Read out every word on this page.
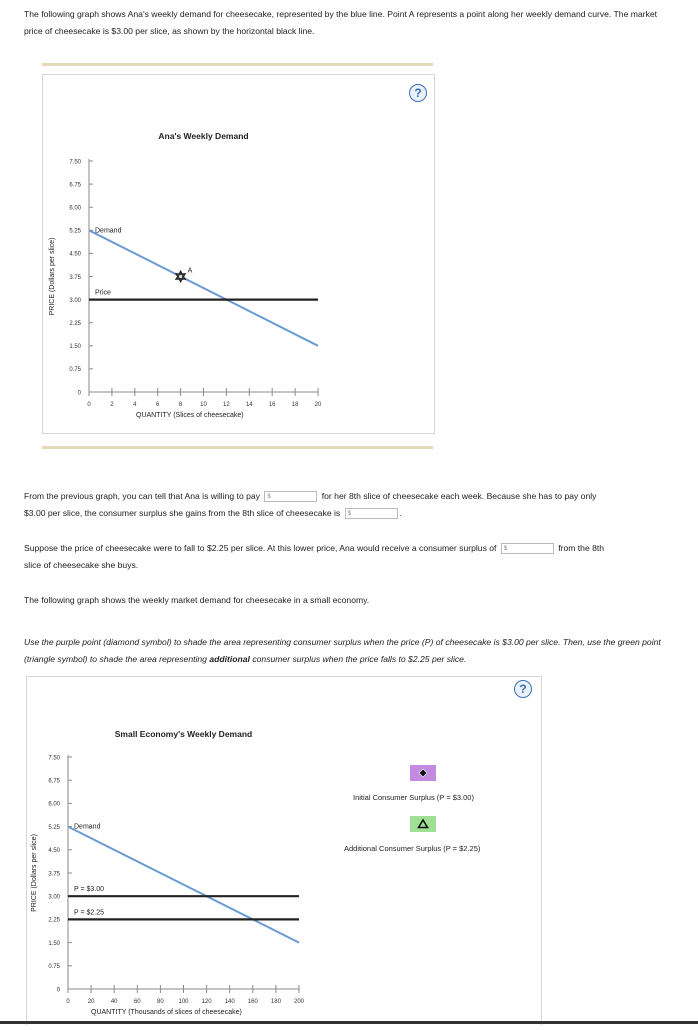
The following graph shows Ana's weekly demand for cheesecake, represented by the blue line. Point A represents a point along her weekly demand curve. The market price of cheesecake is $3.00 per slice, as shown by the horizontal black line.
?
Ana's Weekly Demand
0
0.75
1.50
2.25
3.00
3.75
4.50
5.25
6.00
6.75
7.50
0	2	4	6	8	10	12	14	16	18	20
QUANTITY (Slices of cheesecake)
PRICE (Dollars per slice)
Demand
Price
A
From the previous graph, you can tell that Ana is willing to pay $	for her 8th slice of cheesecake each week. Because she has to pay only
$3.00 per slice, the consumer surplus she gains from the 8th slice of cheesecake is $	.
Suppose the price of cheesecake were to fall to $2.25 per slice. At this lower price, Ana would receive a consumer surplus of $	from the 8th
slice of cheesecake she buys.
The following graph shows the weekly market demand for cheesecake in a small economy.
Use the purple point (diamond symbol) to shade the area representing consumer surplus when the price (P) of cheesecake is $3.00 per slice. Then, use the green point (triangle symbol) to shade the area representing additional consumer surplus when the price falls to $2.25 per slice.
?
Small Economy's Weekly Demand
0
0.75
1.50
2.25
3.00
3.75
4.50
5.25
6.00
6.75
7.50
0	20	40	60	80 100 120 140 160 180 200
QUANTITY (Thousands of slices of cheesecake)
PRICE (Dollars per slice)
Demand
P = $3.00
P = $2.25
Initial Consumer Surplus (P = $3.00)
Additional Consumer Surplus (P = $2.25)
